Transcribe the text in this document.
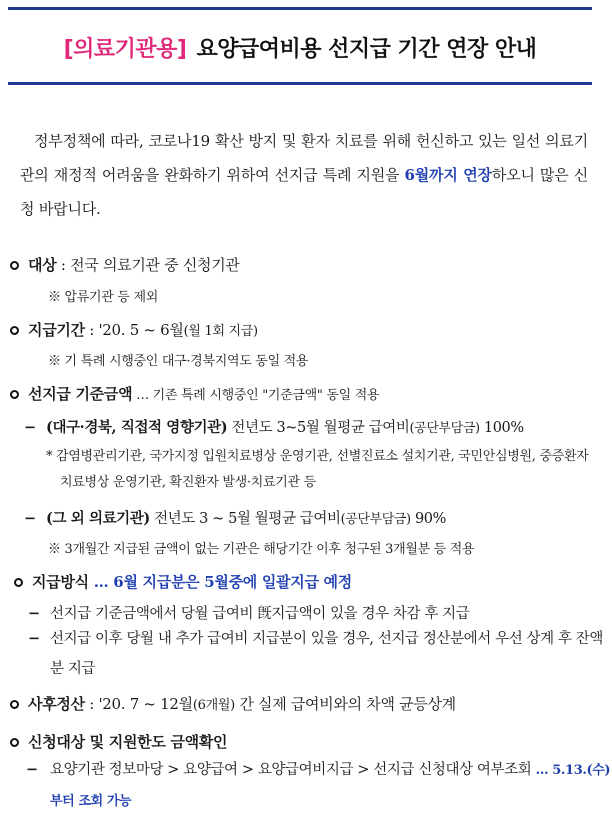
[의료기관용] 요양급여비용 선지급 기간 연장 안내
정부정책에 따라, 코로나19 확산 방지 및 환자 치료를 위해 헌신하고 있는 일선 의료기관의 재정적 어려움을 완화하기 위하여 선지급 특례 지원을 6월까지 연장하오니 많은 신청 바랍니다.
대상 : 전국 의료기관 중 신청기관
※ 압류기관 등 제외
지급기간 : '20. 5 ~ 6월(월 1회 지급)
※ 기 특례 시행중인 대구·경북지역도 동일 적용
선지급 기준금액 … 기존 특례 시행중인 "기준금액" 동일 적용
− (대구·경북, 직접적 영향기관) 전년도 3~5월 월평균 급여비(공단부담금) 100%
* 감염병관리기관, 국가지정 입원치료병상 운영기관, 선별진료소 설치기관, 국민안심병원, 중증환자 치료병상 운영기관, 확진환자 발생·치료기관 등
− (그 외 의료기관) 전년도 3 ~ 5월 월평균 급여비(공단부담금) 90%
※ 3개월간 지급된 금액이 없는 기관은 해당기간 이후 청구된 3개월분 등 적용
지급방식 … 6월 지급분은 5월중에 일괄지급 예정
− 선지급 기준금액에서 당월 급여비 旣지급액이 있을 경우 차감 후 지급
− 선지급 이후 당월 내 추가 급여비 지급분이 있을 경우, 선지급 정산분에서 우선 상계 후 잔액분 지급
사후정산 : '20. 7 ~ 12월(6개월) 간 실제 급여비와의 차액 균등상계
신청대상 및 지원한도 금액확인
− 요양기관 정보마당 > 요양급여 > 요양급여비지급 > 선지급 신청대상 여부조회 … 5.13.(수)부터 조회 가능
